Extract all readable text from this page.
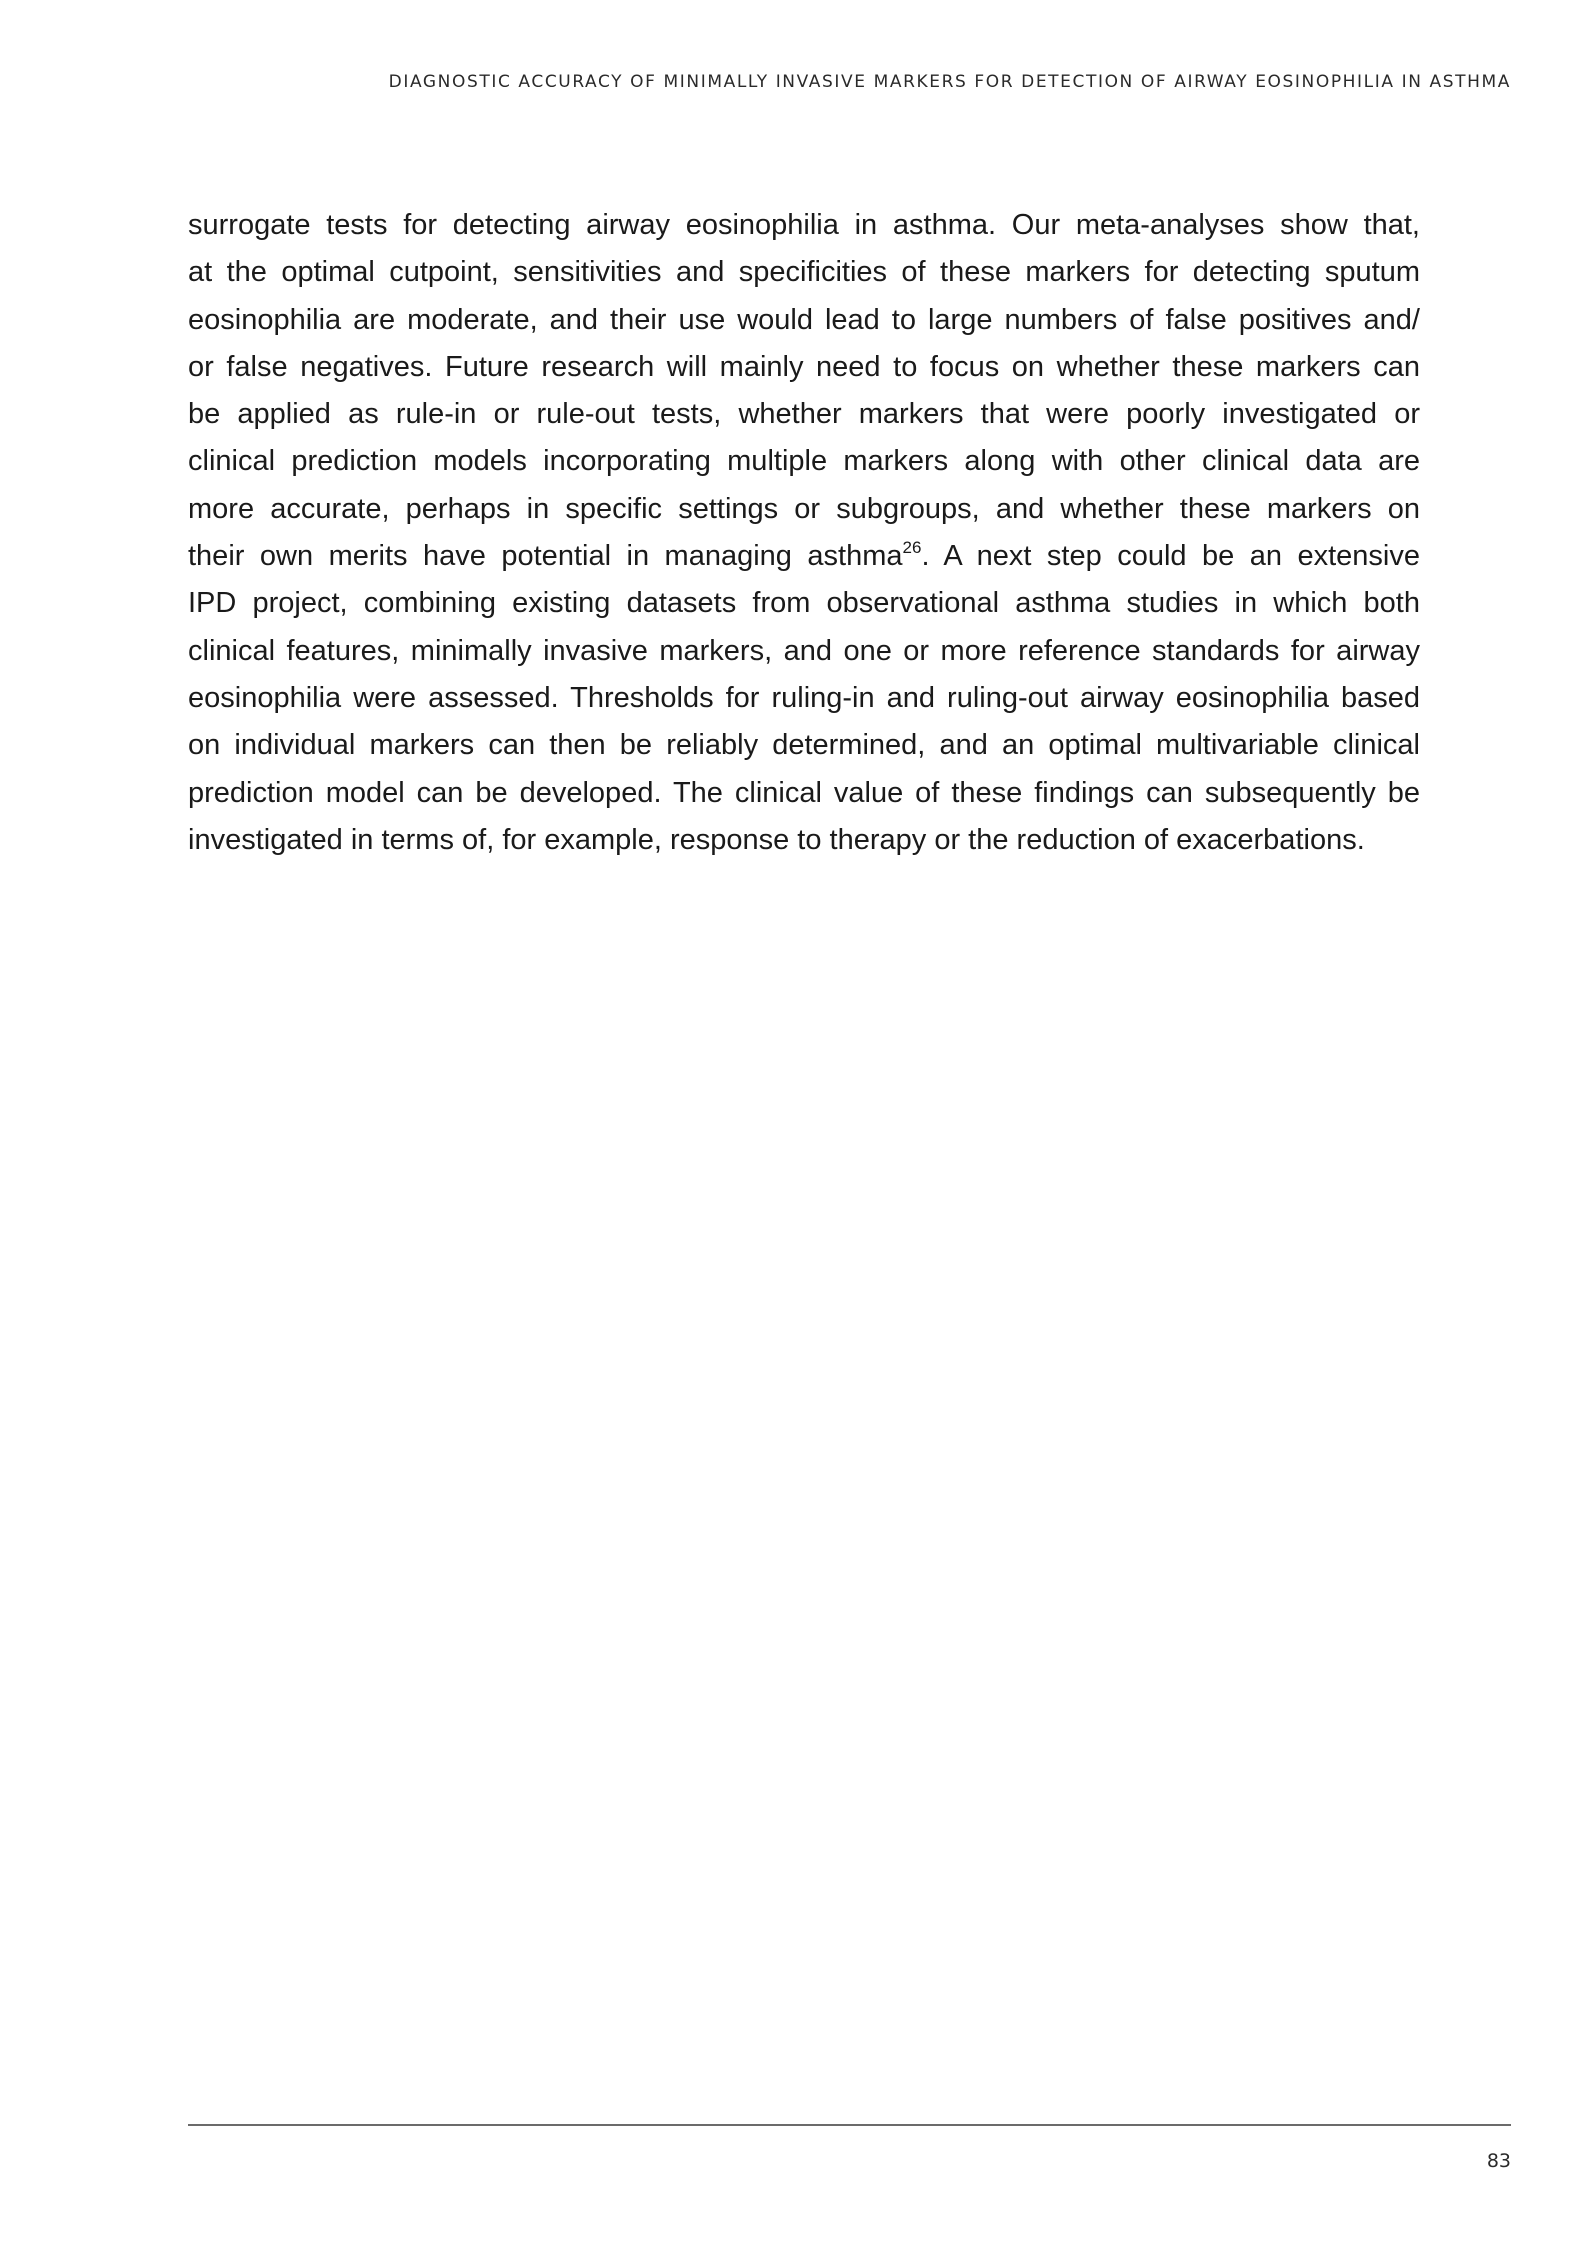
DIAGNOSTIC ACCURACY OF MINIMALLY INVASIVE MARKERS FOR DETECTION OF AIRWAY EOSINOPHILIA IN ASTHMA
surrogate tests for detecting airway eosinophilia in asthma. Our meta-analyses show that,
at the optimal cutpoint, sensitivities and specificities of these markers for detecting sputum
eosinophilia are moderate, and their use would lead to large numbers of false positives and/
or false negatives. Future research will mainly need to focus on whether these markers can
be applied as rule-in or rule-out tests, whether markers that were poorly investigated or
clinical prediction models incorporating multiple markers along with other clinical data are
more accurate, perhaps in specific settings or subgroups, and whether these markers on
their own merits have potential in managing asthma$^{26}$. A next step could be an extensive
IPD project, combining existing datasets from observational asthma studies in which both
clinical features, minimally invasive markers, and one or more reference standards for airway
eosinophilia were assessed. Thresholds for ruling-in and ruling-out airway eosinophilia based
on individual markers can then be reliably determined, and an optimal multivariable clinical
prediction model can be developed. The clinical value of these findings can subsequently be
investigated in terms of, for example, response to therapy or the reduction of exacerbations.
83
